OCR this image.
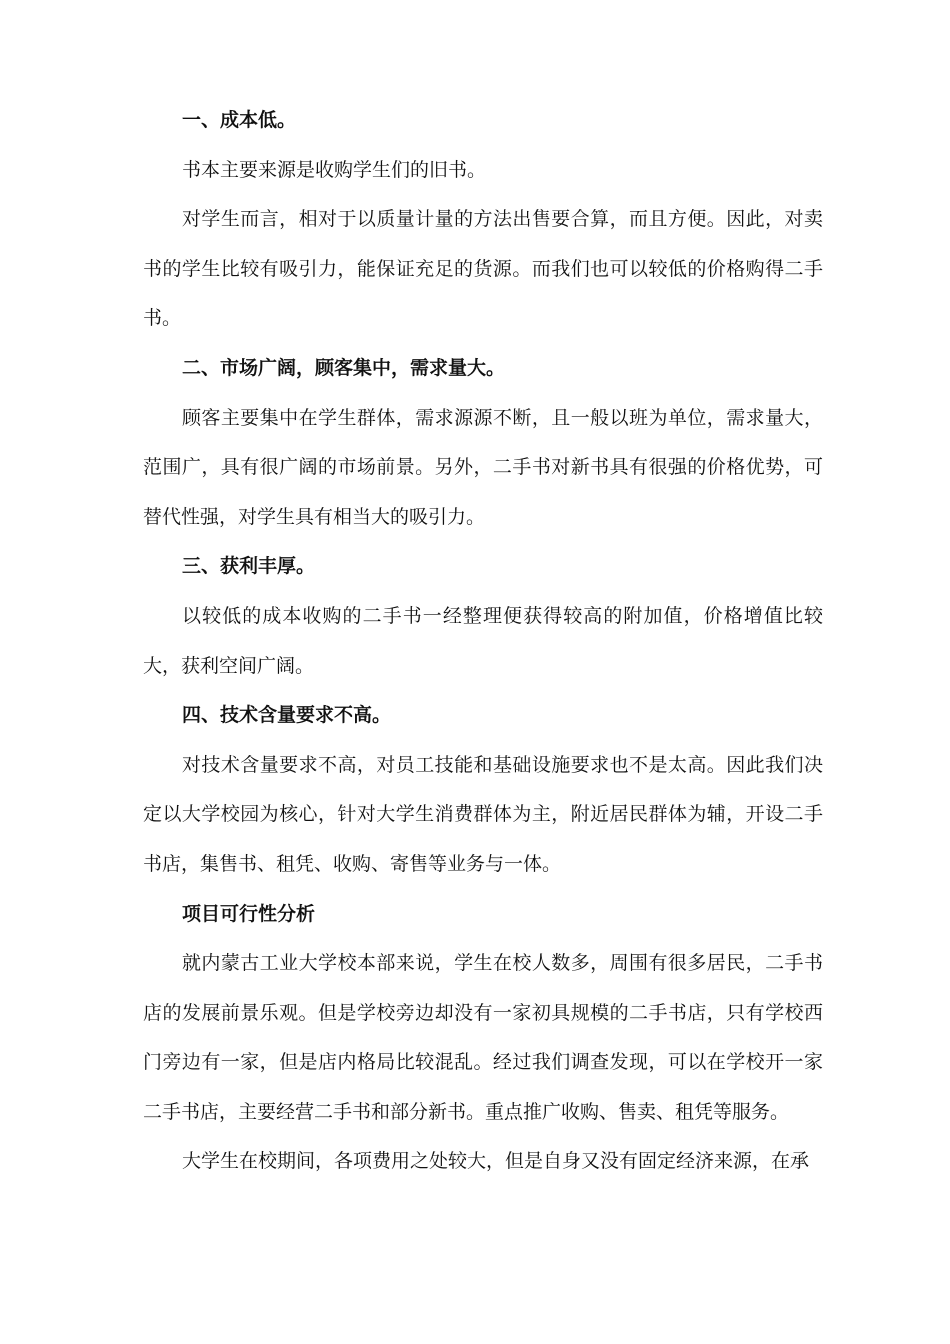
一、成本低。

书本主要来源是收购学生们的旧书。

对学生而言，相对于以质量计量的方法出售要合算，而且方便。因此，对卖书的学生比较有吸引力，能保证充足的货源。而我们也可以较低的价格购得二手书。

二、市场广阔，顾客集中，需求量大。

顾客主要集中在学生群体，需求源源不断，且一般以班为单位，需求量大，范围广，具有很广阔的市场前景。另外，二手书对新书具有很强的价格优势，可替代性强，对学生具有相当大的吸引力。

三、获利丰厚。

以较低的成本收购的二手书一经整理便获得较高的附加值，价格增值比较大，获利空间广阔。

四、技术含量要求不高。

对技术含量要求不高，对员工技能和基础设施要求也不是太高。因此我们决定以大学校园为核心，针对大学生消费群体为主，附近居民群体为辅，开设二手书店，集售书、租凭、收购、寄售等业务与一体。

项目可行性分析

就内蒙古工业大学校本部来说，学生在校人数多，周围有很多居民，二手书店的发展前景乐观。但是学校旁边却没有一家初具规模的二手书店，只有学校西门旁边有一家，但是店内格局比较混乱。经过我们调查发现，可以在学校开一家二手书店，主要经营二手书和部分新书。重点推广收购、售卖、租凭等服务。

大学生在校期间，各项费用之处较大，但是自身又没有固定经济来源，在承
